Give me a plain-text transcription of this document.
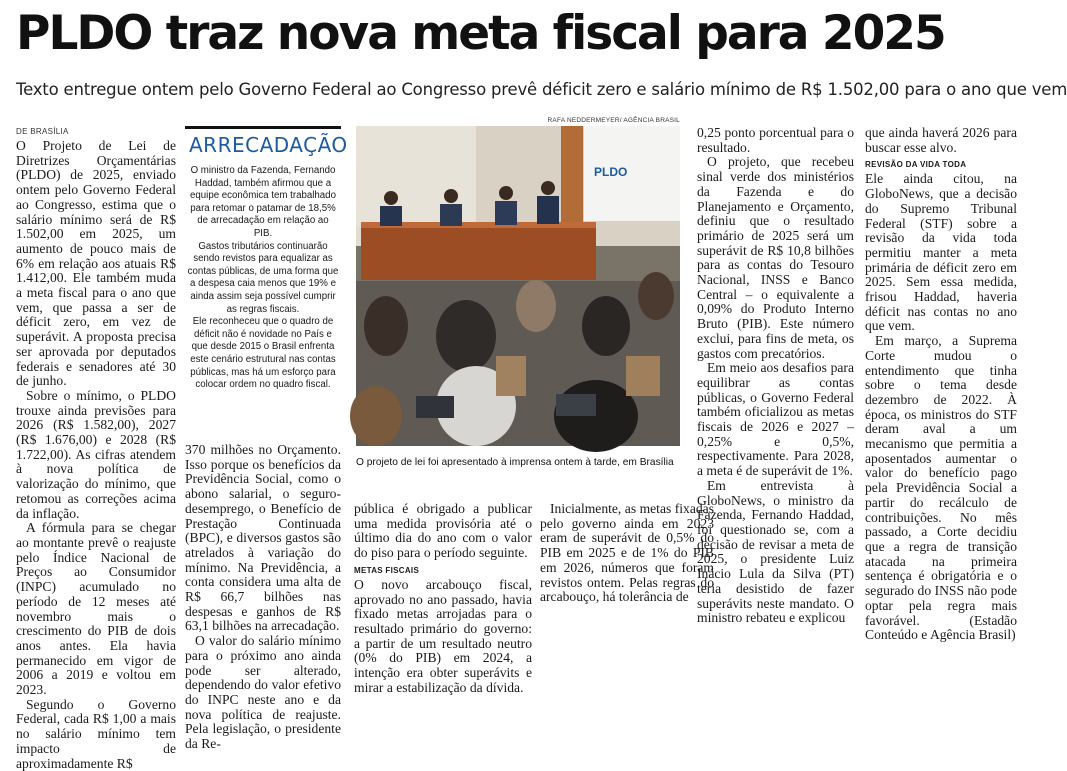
PLDO traz nova meta fiscal para 2025
Texto entregue ontem pelo Governo Federal ao Congresso prevê déficit zero e salário mínimo de R$ 1.502,00 para o ano que vem
DE BRASÍLIA

O Projeto de Lei de Diretrizes Orçamentárias (PLDO) de 2025, enviado ontem pelo Governo Federal ao Congresso, estima que o salário mínimo será de R$ 1.502,00 em 2025, um aumento de pouco mais de 6% em relação aos atuais R$ 1.412,00. Ele também muda a meta fiscal para o ano que vem, que passa a ser de déficit zero, em vez de superávit. A proposta precisa ser aprovada por deputados federais e senadores até 30 de junho.

Sobre o mínimo, o PLDO trouxe ainda previsões para 2026 (R$ 1.582,00), 2027 (R$ 1.676,00) e 2028 (R$ 1.722,00). As cifras atendem à nova política de valorização do mínimo, que retomou as correções acima da inflação.

A fórmula para se chegar ao montante prevê o reajuste pelo Índice Nacional de Preços ao Consumidor (INPC) acumulado no período de 12 meses até novembro mais o crescimento do PIB de dois anos antes. Ela havia permanecido em vigor de 2006 a 2019 e voltou em 2023.

Segundo o Governo Federal, cada R$ 1,00 a mais no salário mínimo tem impacto de aproximadamente R$

ARRECADAÇÃO

O ministro da Fazenda, Fernando Haddad, também afirmou que a equipe econômica tem trabalhado para retomar o patamar de 18,5% de arrecadação em relação ao PIB.

Gastos tributários continuarão sendo revistos para equalizar as contas públicas, de uma forma que a despesa caia menos que 19% e ainda assim seja possível cumprir as regras fiscais.

Ele reconheceu que o quadro de déficit não é novidade no País e que desde 2015 o Brasil enfrenta este cenário estrutural nas contas públicas, mas há um esforço para colocar ordem no quadro fiscal.

370 milhões no Orçamento. Isso porque os benefícios da Previdência Social, como o abono salarial, o seguro-desemprego, o Benefício de Prestação Continuada (BPC), e diversos gastos são atrelados à variação do mínimo. Na Previdência, a conta considera uma alta de R$ 66,7 bilhões nas despesas e ganhos de R$ 63,1 bilhões na arrecadação.

O valor do salário mínimo para o próximo ano ainda pode ser alterado, dependendo do valor efetivo do INPC neste ano e da nova política de reajuste. Pela legislação, o presidente da Re-

RAFA NEDDERMEYER/ AGÊNCIA BRASIL
PLDO
O projeto de lei foi apresentado à imprensa ontem à tarde, em Brasília

pública é obrigado a publicar uma medida provisória até o último dia do ano com o valor do piso para o período seguinte.

METAS FISCAIS

O novo arcabouço fiscal, aprovado no ano passado, havia fixado metas arrojadas para o resultado primário do governo: a partir de um resultado neutro (0% do PIB) em 2024, a intenção era obter superávits e mirar a estabilização da dívida.

Inicialmente, as metas fixadas pelo governo ainda em 2023 eram de superávit de 0,5% do PIB em 2025 e de 1% do PIB em 2026, números que foram revistos ontem. Pelas regras do arcabouço, há tolerância de

0,25 ponto porcentual para o resultado.

O projeto, que recebeu sinal verde dos ministérios da Fazenda e do Planejamento e Orçamento, definiu que o resultado primário de 2025 será um superávit de R$ 10,8 bilhões para as contas do Tesouro Nacional, INSS e Banco Central – o equivalente a 0,09% do Produto Interno Bruto (PIB). Este número exclui, para fins de meta, os gastos com precatórios.

Em meio aos desafios para equilibrar as contas públicas, o Governo Federal também oficializou as metas fiscais de 2026 e 2027 – 0,25% e 0,5%, respectivamente. Para 2028, a meta é de superávit de 1%.

Em entrevista à GloboNews, o ministro da Fazenda, Fernando Haddad, foi questionado se, com a decisão de revisar a meta de 2025, o presidente Luiz Inácio Lula da Silva (PT) teria desistido de fazer superávits neste mandato. O ministro rebateu e explicou

que ainda haverá 2026 para buscar esse alvo.

REVISÃO DA VIDA TODA

Ele ainda citou, na GloboNews, que a decisão do Supremo Tribunal Federal (STF) sobre a revisão da vida toda permitiu manter a meta primária de déficit zero em 2025. Sem essa medida, frisou Haddad, haveria déficit nas contas no ano que vem.

Em março, a Suprema Corte mudou o entendimento que tinha sobre o tema desde dezembro de 2022. À época, os ministros do STF deram aval a um mecanismo que permitia a aposentados aumentar o valor do benefício pago pela Previdência Social a partir do recálculo de contribuições. No mês passado, a Corte decidiu que a regra de transição atacada na primeira sentença é obrigatória e o segurado do INSS não pode optar pela regra mais favorável. (Estadão Conteúdo e Agência Brasil)
